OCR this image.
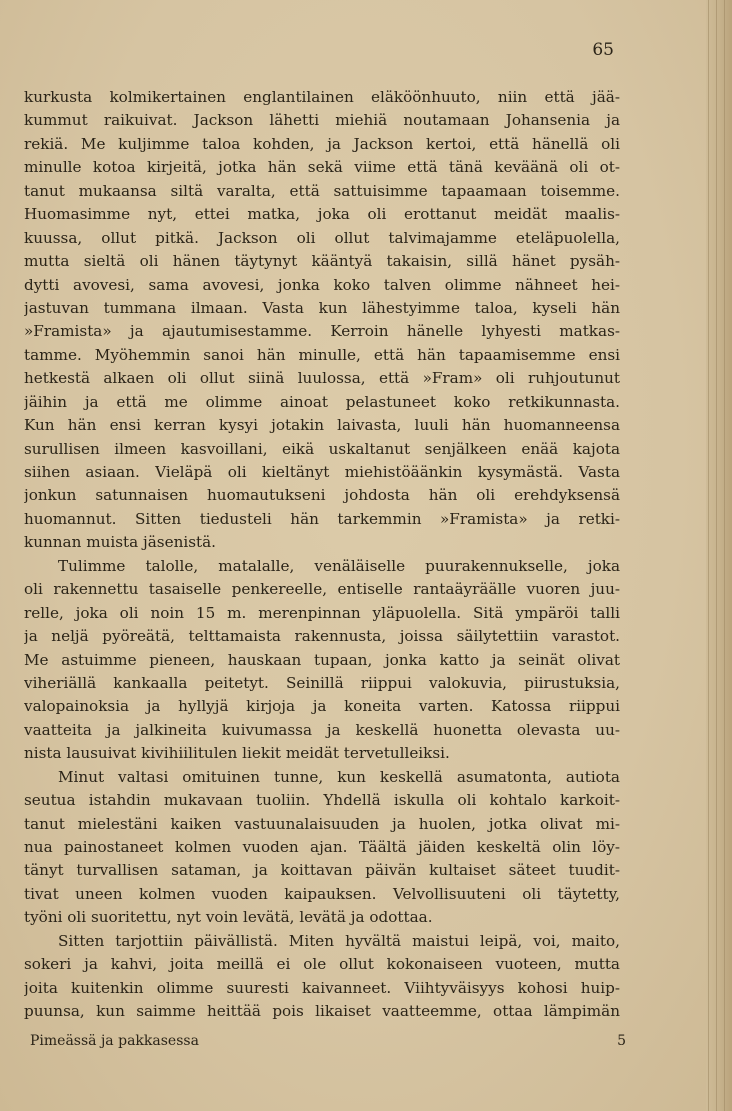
65
kurkusta kolmikertainen englantilainen eläköönhuuto, niin että jää-
kummut raikuivat. Jackson lähetti miehiä noutamaan Johansenia ja
rekiä. Me kuljimme taloa kohden, ja Jackson kertoi, että hänellä oli
minulle kotoa kirjeitä, jotka hän sekä viime että tänä keväänä oli ot-
tanut mukaansa siltä varalta, että sattuisimme tapaamaan toisemme.
Huomasimme nyt, ettei matka, joka oli erottanut meidät maalis-
kuussa, ollut pitkä. Jackson oli ollut talvimajamme eteläpuolella,
mutta sieltä oli hänen täytynyt kääntyä takaisin, sillä hänet pysäh-
dytti avovesi, sama avovesi, jonka koko talven olimme nähneet hei-
jastuvan tummana ilmaan. Vasta kun lähestyimme taloa, kyseli hän
»Framista» ja ajautumisestamme. Kerroin hänelle lyhyesti matkas-
tamme. Myöhemmin sanoi hän minulle, että hän tapaamisemme ensi
hetkestä alkaen oli ollut siinä luulossa, että »Fram» oli ruhjoutunut
jäihin ja että me olimme ainoat pelastuneet koko retkikunnasta.
Kun hän ensi kerran kysyi jotakin laivasta, luuli hän huomanneensa
surullisen ilmeen kasvoillani, eikä uskaltanut senjälkeen enää kajota
siihen asiaan. Vieläpä oli kieltänyt miehistöäänkin kysymästä. Vasta
jonkun satunnaisen huomautukseni johdosta hän oli erehdyksensä
huomannut. Sitten tiedusteli hän tarkemmin »Framista» ja retki-
kunnan muista jäsenistä.
Tulimme talolle, matalalle, venäläiselle puurakennukselle, joka
oli rakennettu tasaiselle penkereelle, entiselle rantaäyräälle vuoren juu-
relle, joka oli noin 15 m. merenpinnan yläpuolella. Sitä ympäröi talli
ja neljä pyöreätä, telttamaista rakennusta, joissa säilytettiin varastot.
Me astuimme pieneen, hauskaan tupaan, jonka katto ja seinät olivat
viheriällä kankaalla peitetyt. Seinillä riippui valokuvia, piirustuksia,
valopainoksia ja hyllyjä kirjoja ja koneita varten. Katossa riippui
vaatteita ja jalkineita kuivumassa ja keskellä huonetta olevasta uu-
nista lausuivat kivihiilitulen liekit meidät tervetulleiksi.
Minut valtasi omituinen tunne, kun keskellä asumatonta, autiota
seutua istahdin mukavaan tuoliin. Yhdellä iskulla oli kohtalo karkoit-
tanut mielestäni kaiken vastuunalaisuuden ja huolen, jotka olivat mi-
nua painostaneet kolmen vuoden ajan. Täältä jäiden keskeltä olin löy-
tänyt turvallisen sataman, ja koittavan päivän kultaiset säteet tuudit-
tivat uneen kolmen vuoden kaipauksen. Velvollisuuteni oli täytetty,
työni oli suoritettu, nyt voin levätä, levätä ja odottaa.
Sitten tarjottiin päivällistä. Miten hyvältä maistui leipä, voi, maito,
sokeri ja kahvi, joita meillä ei ole ollut kokonaiseen vuoteen, mutta
joita kuitenkin olimme suuresti kaivanneet. Viihtyväisyys kohosi huip-
puunsa, kun saimme heittää pois likaiset vaatteemme, ottaa lämpimän
Pimeässä ja pakkasessa	5
